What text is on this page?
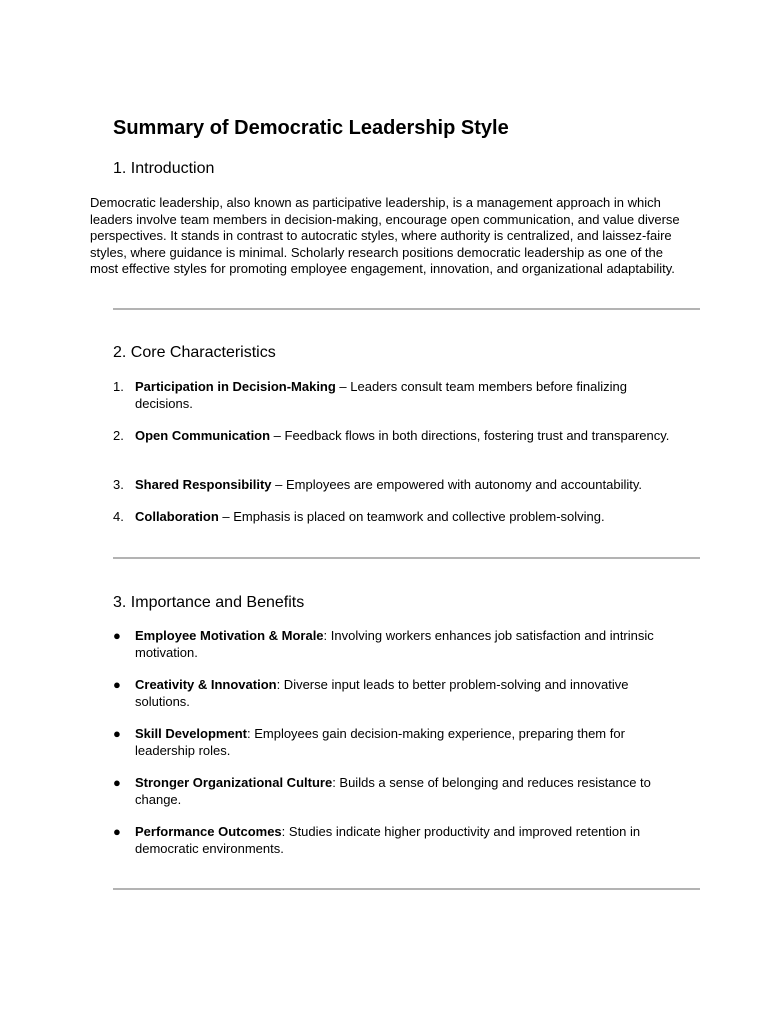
Summary of Democratic Leadership Style
1. Introduction

Democratic leadership, also known as participative leadership, is a management approach in which leaders involve team members in decision-making, encourage open communication, and value diverse perspectives. It stands in contrast to autocratic styles, where authority is centralized, and laissez-faire styles, where guidance is minimal. Scholarly research positions democratic leadership as one of the most effective styles for promoting employee engagement, innovation, and organizational adaptability.

2. Core Characteristics
1. Participation in Decision-Making – Leaders consult team members before finalizing decisions.
2. Open Communication – Feedback flows in both directions, fostering trust and transparency.
3. Shared Responsibility – Employees are empowered with autonomy and accountability.
4. Collaboration – Emphasis is placed on teamwork and collective problem-solving.
3. Importance and Benefits
● Employee Motivation & Morale: Involving workers enhances job satisfaction and intrinsic motivation.
● Creativity & Innovation: Diverse input leads to better problem-solving and innovative solutions.
● Skill Development: Employees gain decision-making experience, preparing them for leadership roles.
● Stronger Organizational Culture: Builds a sense of belonging and reduces resistance to change.
● Performance Outcomes: Studies indicate higher productivity and improved retention in democratic environments.
